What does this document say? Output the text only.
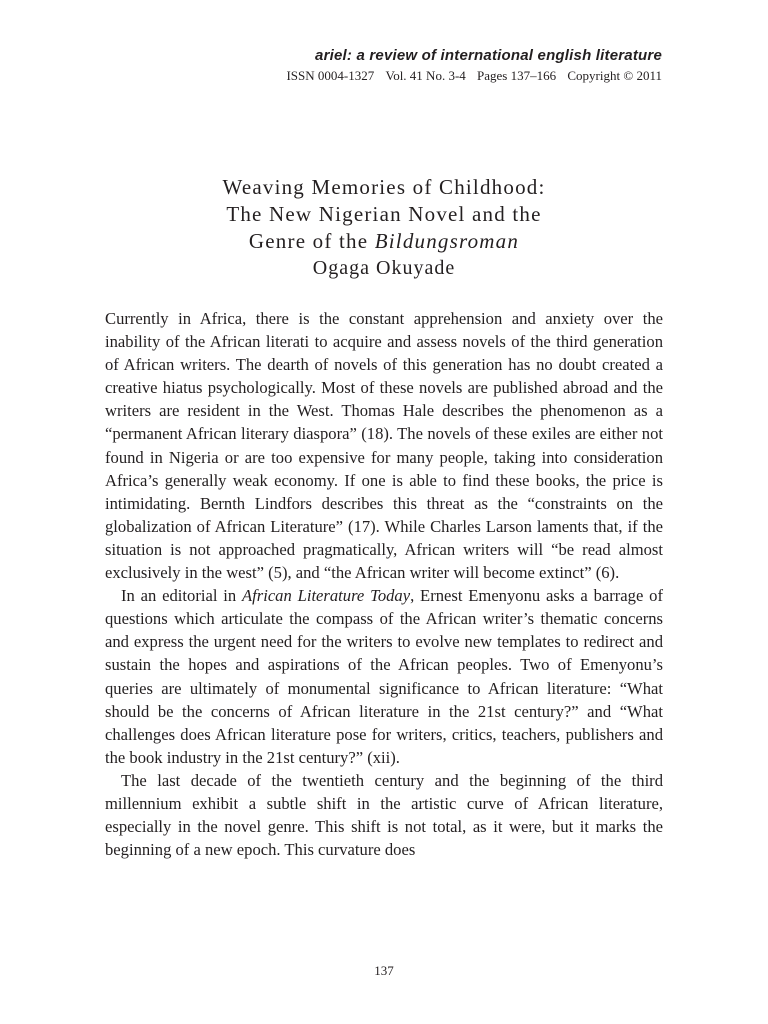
ariel: a review of international english literature
ISSN 0004-1327 Vol. 41 No. 3-4 Pages 137–166 Copyright © 2011
Weaving Memories of Childhood:
The New Nigerian Novel and the
Genre of the Bildungsroman
Ogaga Okuyade

Currently in Africa, there is the constant apprehension and anxiety over the inability of the African literati to acquire and assess novels of the third generation of African writers. The dearth of novels of this generation has no doubt created a creative hiatus psychologically. Most of these novels are published abroad and the writers are resident in the West. Thomas Hale describes the phenomenon as a “permanent African literary diaspora” (18). The novels of these exiles are either not found in Nigeria or are too expensive for many people, taking into consideration Africa’s generally weak economy. If one is able to find these books, the price is intimidating. Bernth Lindfors describes this threat as the “constraints on the globalization of African Literature” (17). While Charles Larson laments that, if the situation is not approached pragmatically, African writers will “be read almost exclusively in the west” (5), and “the African writer will become extinct” (6).

In an editorial in African Literature Today, Ernest Emenyonu asks a barrage of questions which articulate the compass of the African writer’s thematic concerns and express the urgent need for the writers to evolve new templates to redirect and sustain the hopes and aspirations of the African peoples. Two of Emenyonu’s queries are ultimately of monumental significance to African literature: “What should be the concerns of African literature in the 21st century?” and “What challenges does African literature pose for writers, critics, teachers, publishers and the book industry in the 21st century?” (xii).

The last decade of the twentieth century and the beginning of the third millennium exhibit a subtle shift in the artistic curve of African literature, especially in the novel genre. This shift is not total, as it were, but it marks the beginning of a new epoch. This curvature does

137
